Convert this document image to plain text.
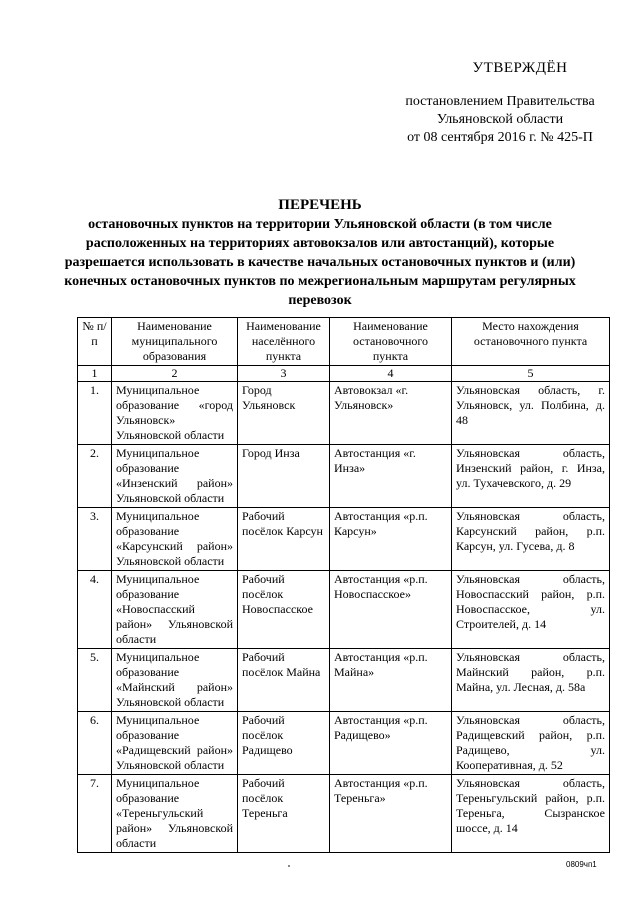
УТВЕРЖДЁН
постановлением Правительства
Ульяновской области
от 08 сентября 2016 г. № 425-П
ПЕРЕЧЕНЬ
остановочных пунктов на территории Ульяновской области (в том числе расположенных на территориях автовокзалов или автостанций), которые разрешается использовать в качестве начальных остановочных пунктов и (или) конечных остановочных пунктов по межрегиональным маршрутам регулярных перевозок
№ п/п	Наименование муниципального образования	Наименование населённого пункта	Наименование остановочного пункта	Место нахождения остановочного пункта
1	2	3	4	5
1.	Муниципальное образование «город Ульяновск» Ульяновской области	Город Ульяновск	Автовокзал «г. Ульяновск»	Ульяновская область, г. Ульяновск, ул. Полбина, д. 48
2.	Муниципальное образование «Инзенский район» Ульяновской области	Город Инза	Автостанция «г. Инза»	Ульяновская область, Инзенский район, г. Инза, ул. Тухачевского, д. 29
3.	Муниципальное образование «Карсунский район» Ульяновской области	Рабочий посёлок Карсун	Автостанция «р.п. Карсун»	Ульяновская область, Карсунский район, р.п. Карсун, ул. Гусева, д. 8
4.	Муниципальное образование «Новоспасский район» Ульяновской области	Рабочий посёлок Новоспасское	Автостанция «р.п. Новоспасское»	Ульяновская область, Новоспасский район, р.п. Новоспасское, ул. Строителей, д. 14
5.	Муниципальное образование «Майнский район» Ульяновской области	Рабочий посёлок Майна	Автостанция «р.п. Майна»	Ульяновская область, Майнский район, р.п. Майна, ул. Лесная, д. 58а
6.	Муниципальное образование «Радищевский район» Ульяновской области	Рабочий посёлок Радищево	Автостанция «р.п. Радищево»	Ульяновская область, Радищевский район, р.п. Радищево, ул. Кооперативная, д. 52
7.	Муниципальное образование «Тереньгульский район» Ульяновской области	Рабочий посёлок Тереньга	Автостанция «р.п. Тереньга»	Ульяновская область, Тереньгульский район, р.п. Тереньга, Сызранское шоссе, д. 14
0809чп1
